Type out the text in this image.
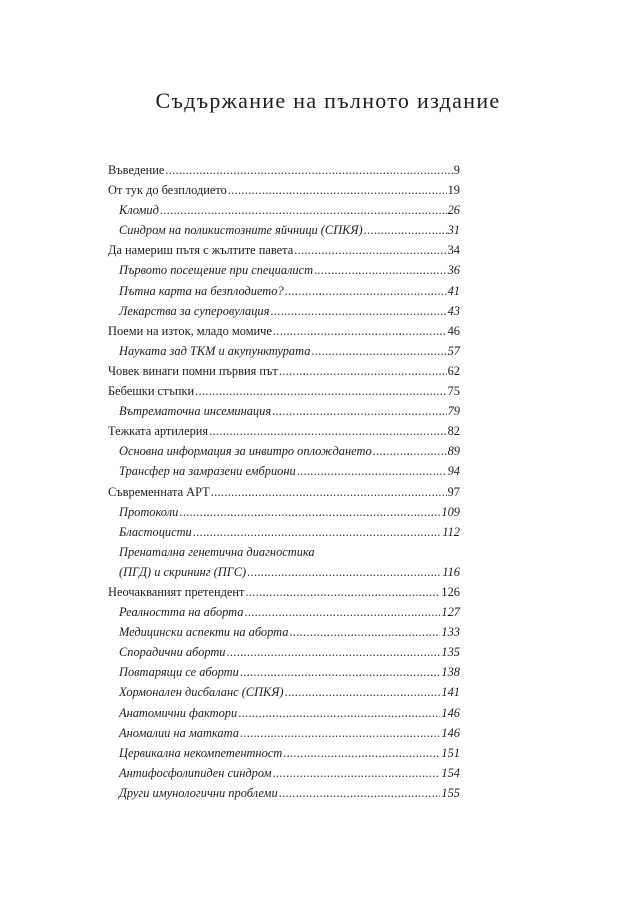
Съдържание на пълното издание
Въведение .....	9
От тук до безплодието .....	19
Кломид .....	26
Синдром на поликистозните яйчници (СПКЯ) .....	31
Да намериш пътя с жълтите павета .....	34
Първото посещение при специалист .....	36
Пътна карта на безплодието? .....	41
Лекарства за суперовулация .....	43
Поеми на изток, младо момиче .....	46
Науката зад ТКМ и акупунктурата .....	57
Човек винаги помни първия път .....	62
Бебешки стъпки .....	75
Вътрематочна инсеминация .....	79
Тежката артилерия .....	82
Основна информация за инвитро оплождането .....	89
Трансфер на замразени ембриони .....	94
Съвременната АРТ .....	97
Протоколи .....	109
Бластоцисти .....	112
Пренатална генетична диагностика
(ПГД) и скрининг (ПГС) .....	116
Неочакваният претендент .....	126
Реалността на аборта .....	127
Медицински аспекти на аборта .....	133
Спорадични аборти .....	135
Повтарящи се аборти .....	138
Хормонален дисбаланс (СПКЯ) .....	141
Анатомични фактори .....	146
Аномалии на матката .....	146
Цервикална некомпетентност .....	151
Антифосфолипиден синдром .....	154
Други имунологични проблеми .....	155
